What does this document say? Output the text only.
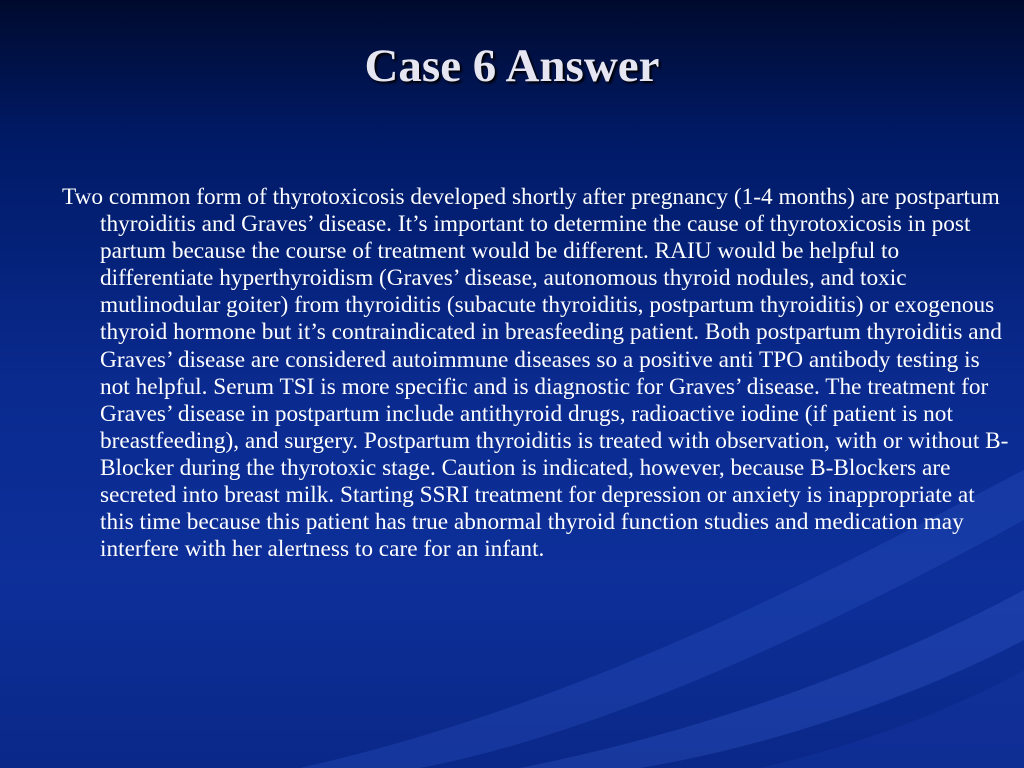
Case 6 Answer

Two common form of thyrotoxicosis developed shortly after pregnancy (1-4 months) are postpartum thyroiditis and Graves’ disease. It’s important to determine the cause of thyrotoxicosis in post partum because the course of treatment would be different. RAIU would be helpful to differentiate hyperthyroidism (Graves’ disease, autonomous thyroid nodules, and toxic mutlinodular goiter) from thyroiditis (subacute thyroiditis, postpartum thyroiditis) or exogenous thyroid hormone but it’s contraindicated in breasfeeding patient. Both postpartum thyroiditis and Graves’ disease are considered autoimmune diseases so a positive anti TPO antibody testing is not helpful. Serum TSI is more specific and is diagnostic for Graves’ disease. The treatment for Graves’ disease in postpartum include antithyroid drugs, radioactive iodine (if patient is not breastfeeding), and surgery. Postpartum thyroiditis is treated with observation, with or without B-Blocker during the thyrotoxic stage. Caution is indicated, however, because B-Blockers are secreted into breast milk. Starting SSRI treatment for depression or anxiety is inappropriate at this time because this patient has true abnormal thyroid function studies and medication may interfere with her alertness to care for an infant.
